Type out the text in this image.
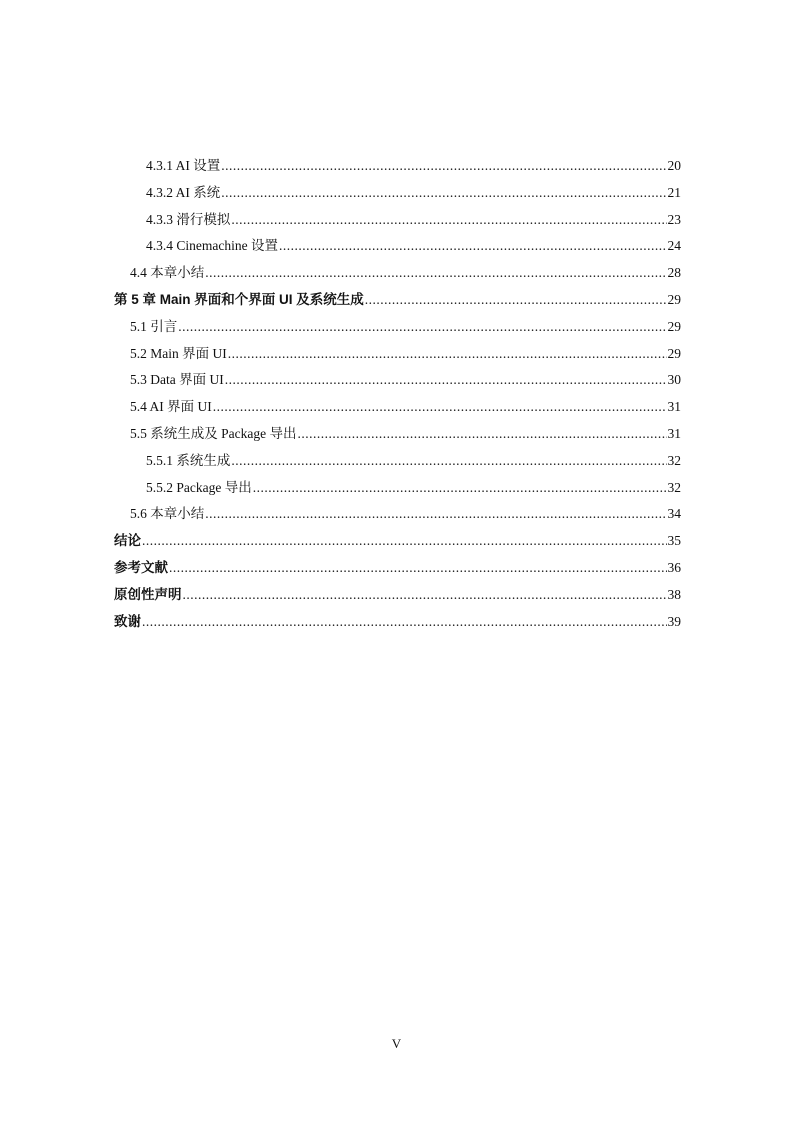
4.3.1 AI 设置 .....	20
4.3.2 AI 系统 .....	21
4.3.3 滑行模拟 .....	23
4.3.4 Cinemachine 设置 .....	24
4.4 本章小结 .....	28
第 5 章 Main 界面和个界面 UI 及系统生成 .....	29
5.1 引言 .....	29
5.2 Main 界面 UI .....	29
5.3 Data 界面 UI .....	30
5.4 AI 界面 UI .....	31
5.5 系统生成及 Package 导出 .....	31
5.5.1 系统生成 .....	32
5.5.2 Package 导出 .....	32
5.6 本章小结 .....	34
结论 .....	35
参考文献 .....	36
原创性声明 .....	38
致谢 .....	39
V
